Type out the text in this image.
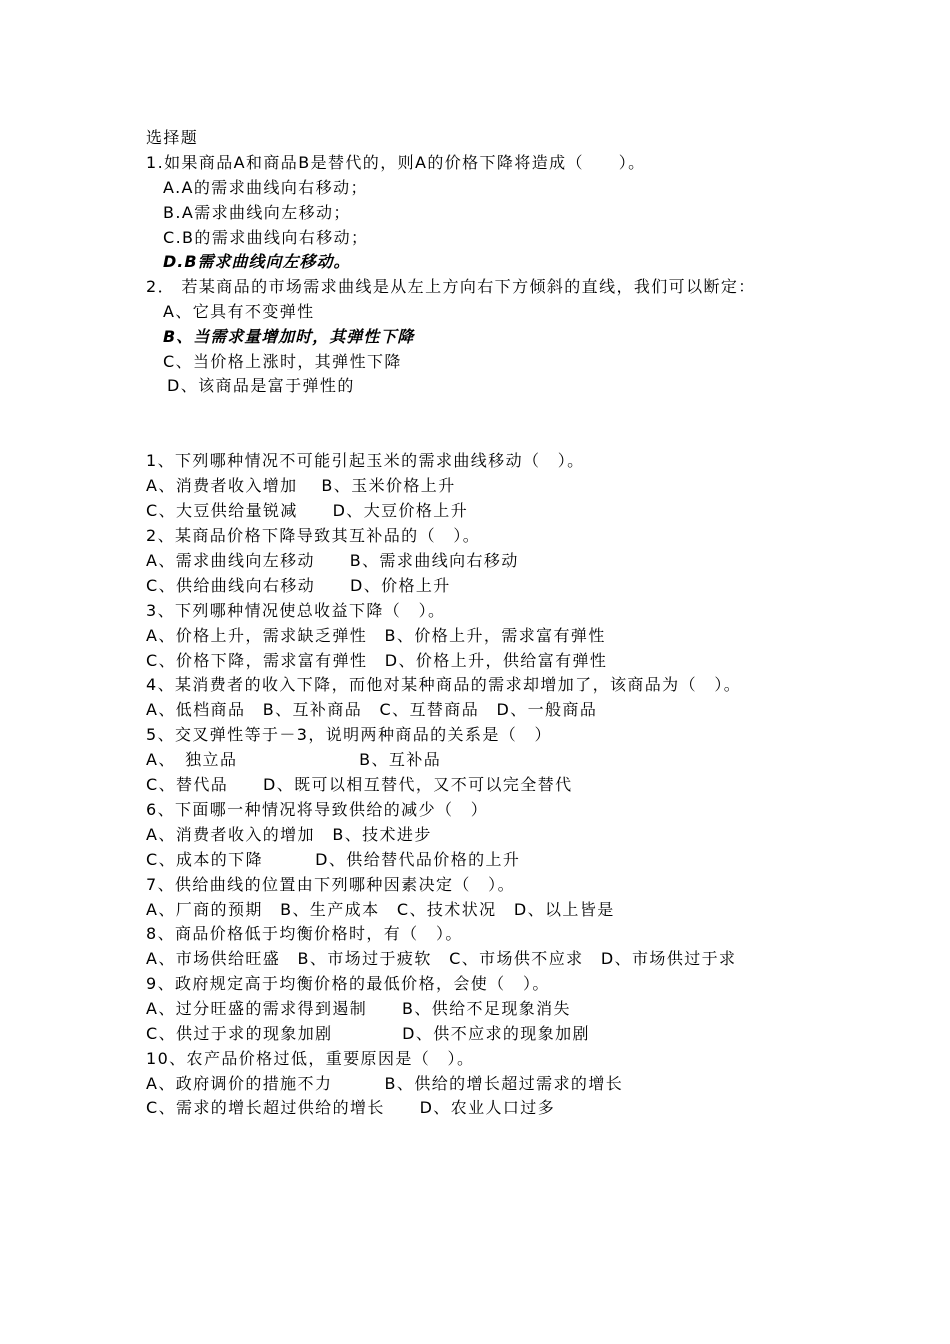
选择题
1.如果商品A和商品B是替代的，则A的价格下降将造成（　　）。
A.A的需求曲线向右移动；
B.A需求曲线向左移动；
C.B的需求曲线向右移动；
D.B需求曲线向左移动。
2． 若某商品的市场需求曲线是从左上方向右下方倾斜的直线，我们可以断定：
A、它具有不变弹性
B、当需求量增加时，其弹性下降
C、当价格上涨时，其弹性下降
D、该商品是富于弹性的
1、下列哪种情况不可能引起玉米的需求曲线移动（　）。
A、消费者收入增加　 B、玉米价格上升
C、大豆供给量锐减　　D、大豆价格上升
2、某商品价格下降导致其互补品的（　）。
A、需求曲线向左移动　　B、需求曲线向右移动
C、供给曲线向右移动　　D、价格上升
3、下列哪种情况使总收益下降（　）。
A、价格上升，需求缺乏弹性　B、价格上升，需求富有弹性
C、价格下降，需求富有弹性　D、价格上升，供给富有弹性
4、某消费者的收入下降，而他对某种商品的需求却增加了，该商品为（　）。
A、低档商品　B、互补商品　C、互替商品　D、一般商品
5、交叉弹性等于－3，说明两种商品的关系是（　）
A、　独立品　　　　　　　B、互补品
C、替代品　　D、既可以相互替代，又不可以完全替代
6、下面哪一种情况将导致供给的减少（　）
A、消费者收入的增加　B、技术进步
C、成本的下降　　　D、供给替代品价格的上升
7、供给曲线的位置由下列哪种因素决定（　）。
A、厂商的预期　B、生产成本　C、技术状况　D、以上皆是
8、商品价格低于均衡价格时，有（　）。
A、市场供给旺盛　B、市场过于疲软　C、市场供不应求　D、市场供过于求
9、政府规定高于均衡价格的最低价格，会使（　）。
A、过分旺盛的需求得到遏制　　B、供给不足现象消失
C、供过于求的现象加剧　　　　D、供不应求的现象加剧
10、农产品价格过低，重要原因是（　）。
A、政府调价的措施不力　　　B、供给的增长超过需求的增长
C、需求的增长超过供给的增长　　D、农业人口过多
